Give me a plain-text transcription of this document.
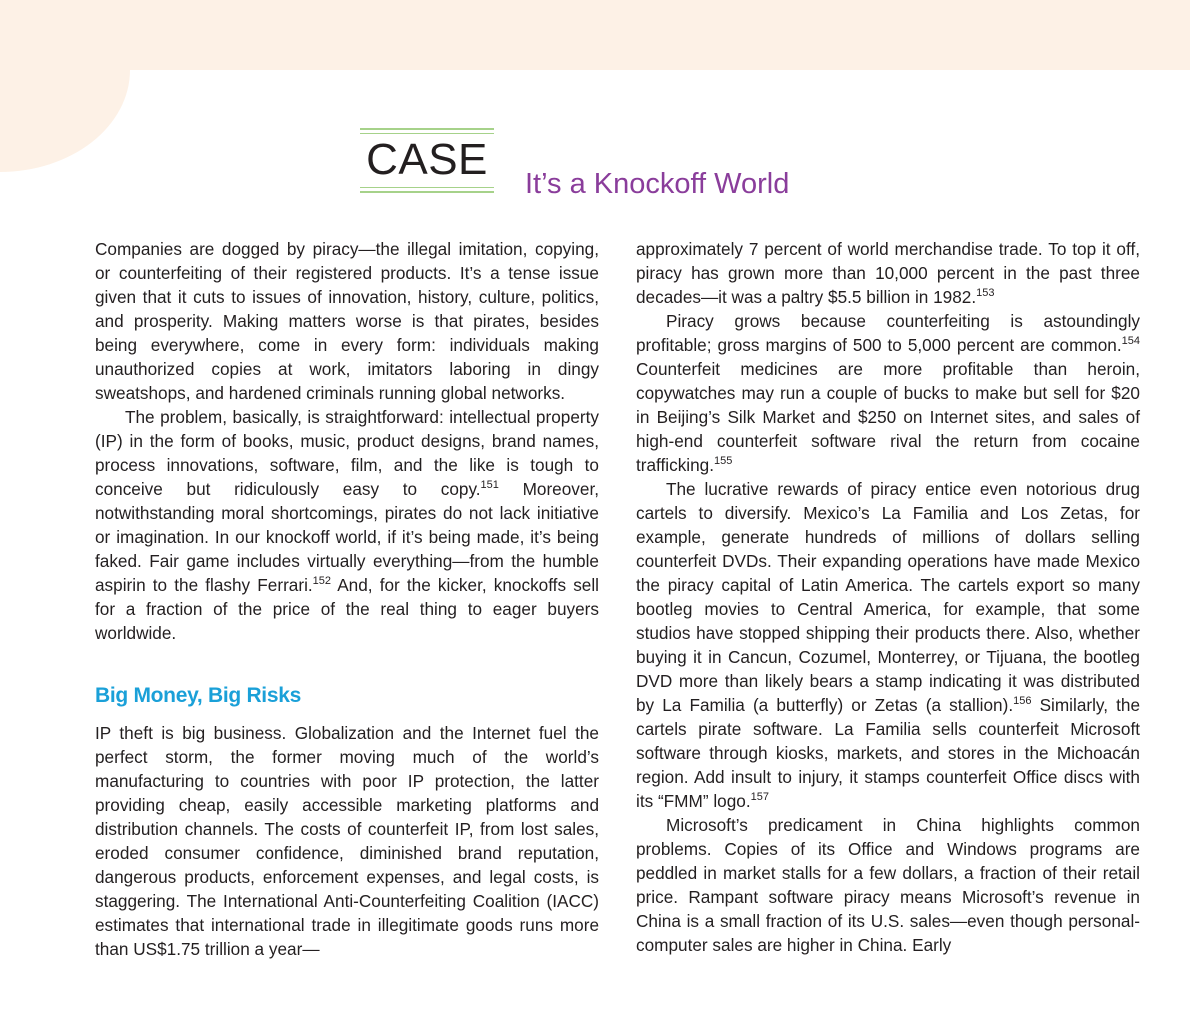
CASE It’s a Knockoff World

Companies are dogged by piracy—the illegal imitation, copying, or counterfeiting of their registered products. It’s a tense issue given that it cuts to issues of innovation, history, culture, politics, and prosperity. Making matters worse is that pirates, besides being everywhere, come in every form: individuals making unauthorized copies at work, imitators laboring in dingy sweatshops, and hardened criminals running global networks.

The problem, basically, is straightforward: intellectual property (IP) in the form of books, music, product designs, brand names, process innovations, software, film, and the like is tough to conceive but ridiculously easy to copy.$^{151}$ Moreover, notwithstanding moral shortcomings, pirates do not lack initiative or imagination. In our knockoff world, if it’s being made, it’s being faked. Fair game includes virtually everything—from the humble aspirin to the flashy Ferrari.$^{152}$ And, for the kicker, knockoffs sell for a fraction of the price of the real thing to eager buyers worldwide.

Big Money, Big Risks

IP theft is big business. Globalization and the Internet fuel the perfect storm, the former moving much of the world’s manufacturing to countries with poor IP protection, the latter providing cheap, easily accessible marketing platforms and distribution channels. The costs of counterfeit IP, from lost sales, eroded consumer confidence, diminished brand reputation, dangerous products, enforcement expenses, and legal costs, is staggering. The International Anti-Counterfeiting Coalition (IACC) estimates that international trade in illegitimate goods runs more than US$1.75 trillion a year—

approximately 7 percent of world merchandise trade. To top it off, piracy has grown more than 10,000 percent in the past three decades—it was a paltry $5.5 billion in 1982.$^{153}$

Piracy grows because counterfeiting is astoundingly profitable; gross margins of 500 to 5,000 percent are common.$^{154}$ Counterfeit medicines are more profitable than heroin, copywatches may run a couple of bucks to make but sell for $20 in Beijing’s Silk Market and $250 on Internet sites, and sales of high-end counterfeit software rival the return from cocaine trafficking.$^{155}$

The lucrative rewards of piracy entice even notorious drug cartels to diversify. Mexico’s La Familia and Los Zetas, for example, generate hundreds of millions of dollars selling counterfeit DVDs. Their expanding operations have made Mexico the piracy capital of Latin America. The cartels export so many bootleg movies to Central America, for example, that some studios have stopped shipping their products there. Also, whether buying it in Cancun, Cozumel, Monterrey, or Tijuana, the bootleg DVD more than likely bears a stamp indicating it was distributed by La Familia (a butterfly) or Zetas (a stallion).$^{156}$ Similarly, the cartels pirate software. La Familia sells counterfeit Microsoft software through kiosks, markets, and stores in the Michoacán region. Add insult to injury, it stamps counterfeit Office discs with its “FMM” logo.$^{157}$

Microsoft’s predicament in China highlights common problems. Copies of its Office and Windows programs are peddled in market stalls for a few dollars, a fraction of their retail price. Rampant software piracy means Microsoft’s revenue in China is a small fraction of its U.S. sales—even though personal-computer sales are higher in China. Early
